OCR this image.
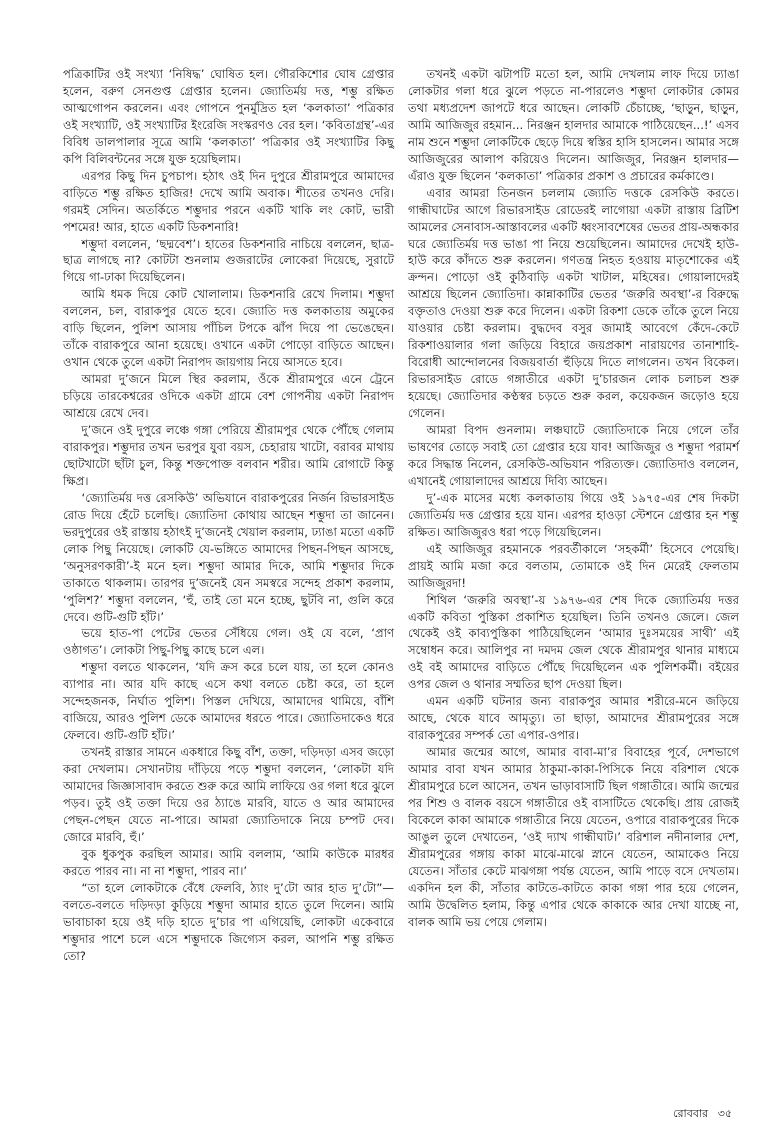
পত্রিকাটির ওই সংখ্যা ‘নিষিদ্ধ’ ঘোষিত হল। গৌরকিশোর ঘোষ গ্রেপ্তার হলেন, বরুণ সেনগুপ্ত গ্রেপ্তার হলেন। জ্যোতির্ময় দত্ত, শম্ভু রক্ষিত আত্মগোপন করলেন। এবং গোপনে পুনর্মুদ্রিত হল ‘কলকাতা’ পত্রিকার ওই সংখ্যাটি, ওই সংখ্যাটির ইংরেজি সংস্করণও বের হল। ‘কবিতাগ্রন্থ’-এর বিবিধ ডালপালার সূত্রে আমি ‘কলকাতা’ পত্রিকার ওই সংখ্যাটির কিছু কপি বিলিবন্টনের সঙ্গে যুক্ত হয়েছিলাম।

এরপর কিছু দিন চুপচাপ। হঠাৎ ওই দিন দুপুরে শ্রীরামপুরে আমাদের বাড়িতে শম্ভু রক্ষিত হাজির! দেখে আমি অবাক। শীতের তখনও দেরি। গরমই সেদিন। অতর্কিতে শম্ভুদার পরনে একটি খাকি লং কোট, ভারী পশমের! আর, হাতে একটি ডিকশনারি!

শম্ভুদা বললেন, ‘ছদ্মবেশ’। হাতের ডিকশনারি নাচিয়ে বললেন, ছাত্র-ছাত্র লাগছে না? কোটটা শুনলাম গুজরাটের লোকেরা দিয়েছে, সুরাটে গিয়ে গা-ঢাকা দিয়েছিলেন।

আমি ধমক দিয়ে কোট খোলালাম। ডিকশনারি রেখে দিলাম। শম্ভুদা বললেন, চল, বারাকপুর যেতে হবে। জ্যোতি দত্ত কলকাতায় অমুকের বাড়ি ছিলেন, পুলিশ আসায় পাঁচিল টপকে ঝাঁপ দিয়ে পা ভেঙেছেন। তাঁকে বারাকপুরে আনা হয়েছে। ওখানে একটা পোড়ো বাড়িতে আছেন। ওখান থেকে তুলে একটা নিরাপদ জায়গায় নিয়ে আসতে হবে।

আমরা দু’জনে মিলে স্থির করলাম, ওঁকে শ্রীরামপুরে এনে ট্রেনে চড়িয়ে তারকেশ্বরের ওদিকে একটা গ্রামে বেশ গোপনীয় একটা নিরাপদ আশ্রয়ে রেখে দেব।

দু’জনে ওই দুপুরে লঞ্চে গঙ্গা পেরিয়ে শ্রীরামপুর থেকে পৌঁছে গেলাম বারাকপুর। শম্ভুদার তখন ভরপুর যুবা বয়স, চেহারায় খাটো, বরাবর মাথায় ছোটখাটো ছাঁটা চুল, কিন্তু শক্তপোক্ত বলবান শরীর। আমি রোগাটে কিন্তু ক্ষিপ্র।

‘জ্যোতির্ময় দত্ত রেসকিউ’ অভিযানে বারাকপুরের নির্জন রিভারসাইড রোড দিয়ে হেঁটে চলেছি। জ্যোতিদা কোথায় আছেন শম্ভুদা তা জানেন। ভরদুপুরের ওই রাস্তায় হঠাৎই দু’জনেই খেয়াল করলাম, ঢ্যাঙা মতো একটি লোক পিছু নিয়েছে। লোকটি যে-ভঙ্গিতে আমাদের পিছন-পিছন আসছে, ‘অনুসরণকারী’-ই মনে হল। শম্ভুদা আমার দিকে, আমি শম্ভুদার দিকে তাকাতে থাকলাম। তারপর দু’জনেই যেন সমস্বরে সন্দেহ প্রকাশ করলাম, ‘পুলিশ?’ শম্ভুদা বললেন, ‘হুঁ, তাই তো মনে হচ্ছে, ছুটবি না, গুলি করে দেবে। গুটি-গুটি হাঁট।’

ভয়ে হাত-পা পেটের ভেতর সেঁধিয়ে গেল। ওই যে বলে, ‘প্রাণ ওষ্ঠাগত’। লোকটা পিছু-পিছু কাছে চলে এল।

শম্ভুদা বলতে থাকলেন, ‘যদি ক্রস করে চলে যায়, তা হলে কোনও ব্যাপার না। আর যদি কাছে এসে কথা বলতে চেষ্টা করে, তা হলে সন্দেহজনক, নির্ঘাত পুলিশ। পিস্তল দেখিয়ে, আমাদের থামিয়ে, বাঁশি বাজিয়ে, আরও পুলিশ ডেকে আমাদের ধরতে পারে। জ্যোতিদাকেও ধরে ফেলবে। গুটি-গুটি হাঁট।’

তখনই রাস্তার সামনে একধারে কিছু বাঁশ, তক্তা, দড়িদড়া এসব জড়ো করা দেখলাম। সেখানটায় দাঁড়িয়ে পড়ে শম্ভুদা বললেন, ‘লোকটা যদি আমাদের জিজ্ঞাসাবাদ করতে শুরু করে আমি লাফিয়ে ওর গলা ধরে ঝুলে পড়ব। তুই ওই তক্তা দিয়ে ওর ঠ্যাঙে মারবি, যাতে ও আর আমাদের পেছন-পেছন যেতে না-পারে। আমরা জ্যোতিদাকে নিয়ে চম্পট দেব। জোরে মারবি, হুঁ।’

বুক ধুকপুক করছিল আমার। আমি বললাম, ‘আমি কাউকে মারধর করতে পারব না। না না শম্ভুদা, পারব না।’

“তা হলে লোকটাকে বেঁধে ফেলবি, ঠ্যাং দু’টো আর হাত দু’টো”—বলতে-বলতে দড়িদড়া কুড়িয়ে শম্ভুদা আমার হাতে তুলে দিলেন। আমি ভাবাচাকা হয়ে ওই দড়ি হাতে দু’চার পা এগিয়েছি, লোকটা একেবারে শম্ভুদার পাশে চলে এসে শম্ভুদাকে জিগ্যেস করল, আপনি শম্ভু রক্ষিত তো?

তখনই একটা ঝটাপটি মতো হল, আমি দেখলাম লাফ দিয়ে ঢ্যাঙা লোকটার গলা ধরে ঝুলে পড়তে না-পারলেও শম্ভুদা লোকটার কোমর তথা মধ্যপ্রদেশ জাপটে ধরে আছেন। লোকটি চেঁচাচ্ছে, ‘ছাড়ুন, ছাড়ুন, আমি আজিজুর রহমান... নিরঞ্জন হালদার আমাকে পাঠিয়েছেন...!’ এসব নাম শুনে শম্ভুদা লোকটিকে ছেড়ে দিয়ে স্বস্তির হাসি হাসলেন। আমার সঙ্গে আজিজুরের আলাপ করিয়েও দিলেন। আজিজুর, নিরঞ্জন হালদার—এঁরাও যুক্ত ছিলেন ‘কলকাতা’ পত্রিকার প্রকাশ ও প্রচারের কর্মকাণ্ডে।

এবার আমরা তিনজন চললাম জ্যোতি দত্তকে রেসকিউ করতে। গান্ধীঘাটের আগে রিভারসাইড রোডেরই লাগোয়া একটা রাস্তায় ব্রিটিশ আমলের সেনাবাস-আস্তাবলের একটি ধ্বংসাবশেষের ভেতর প্রায়-অন্ধকার ঘরে জ্যোতির্ময় দত্ত ভাঙা পা নিয়ে শুয়েছিলেন। আমাদের দেখেই হাউ-হাউ করে কাঁদতে শুরু করলেন। গণতন্ত্র নিহত হওয়ায় মাতৃশোকের এই ক্রন্দন। পোড়ো ওই কুঠিবাড়ি একটা খাটাল, মহিষের। গোয়ালাদেরই আশ্রয়ে ছিলেন জ্যোতিদা। কান্নাকাটির ভেতর ‘জরুরি অবস্থা’-র বিরুদ্ধে বক্তৃতাও দেওয়া শুরু করে দিলেন। একটা রিকশা ডেকে তাঁকে তুলে নিয়ে যাওয়ার চেষ্টা করলাম। বুদ্ধদেব বসুর জামাই আবেগে কেঁদে-কেটে রিকশাওয়ালার গলা জড়িয়ে বিহারে জয়প্রকাশ নারায়ণের তানাশাহি-বিরোধী আন্দোলনের বিজয়বার্তা হুঁড়িয়ে দিতে লাগলেন। তখন বিকেল। রিভারসাইড রোডে গঙ্গাতীরে একটা দু’চারজন লোক চলাচল শুরু হয়েছে। জ্যোতিদার কণ্ঠস্বর চড়তে শুরু করল, কয়েকজন জড়োও হয়ে গেলেন।

আমরা বিপদ গুনলাম। লঞ্চঘাটে জ্যোতিদাকে নিয়ে গেলে তাঁর ভাষণের তোড়ে সবাই তো গ্রেপ্তার হয়ে যাব! আজিজুর ও শম্ভুদা পরামর্শ করে সিদ্ধান্ত নিলেন, রেসকিউ-অভিযান পরিত্যক্ত। জ্যোতিদাও বললেন, এখানেই গোয়ালাদের আশ্রয়ে দিব্যি আছেন।

দু’-এক মাসের মধ্যে কলকাতায় গিয়ে ওই ১৯৭৫-এর শেষ দিকটা জ্যোতির্ময় দত্ত গ্রেপ্তার হয়ে যান। এরপর হাওড়া স্টেশনে গ্রেপ্তার হন শম্ভু রক্ষিত। আজিজুরও ধরা পড়ে গিয়েছিলেন।

এই আজিজুর রহমানকে পরবর্তীকালে ‘সহকর্মী’ হিসেবে পেয়েছি। প্রায়ই আমি মজা করে বলতাম, তোমাকে ওই দিন মেরেই ফেলতাম আজিজুরদা!

শিথিল ‘জরুরি অবস্থা’-য় ১৯৭৬-এর শেষ দিকে জ্যোতির্ময় দত্তর একটি কবিতা পুস্তিকা প্রকাশিত হয়েছিল। তিনি তখনও জেলে। জেল থেকেই ওই কাব্যপুস্তিকা পাঠিয়েছিলেন ‘আমার দুঃসময়ের সাথী’ এই সম্বোধন করে। আলিপুর না দমদম জেল থেকে শ্রীরামপুর থানার মাধ্যমে ওই বই আমাদের বাড়িতে পৌঁছে দিয়েছিলেন এক পুলিশকর্মী। বইয়ের ওপর জেল ও থানার সম্মতির ছাপ দেওয়া ছিল।

এমন একটি ঘটনার জন্য বারাকপুর আমার শরীরে-মনে জড়িয়ে আছে, থেকে যাবে আমৃত্যু। তা ছাড়া, আমাদের শ্রীরামপুরের সঙ্গে বারাকপুরের সম্পর্ক তো এপার-ওপার।

আমার জন্মের আগে, আমার বাবা-মা’র বিবাহের পূর্বে, দেশভাগে আমার বাবা যখন আমার ঠাকুমা-কাকা-পিসিকে নিয়ে বরিশাল থেকে শ্রীরামপুরে চলে আসেন, তখন ভাড়াবাসাটি ছিল গঙ্গাতীরে। আমি জন্মের পর শিশু ও বালক বয়সে গঙ্গাতীরে ওই বাসাটিতে থেকেছি। প্রায় রোজই বিকেলে কাকা আমাকে গঙ্গাতীরে নিয়ে যেতেন, ওপারে বারাকপুরের দিকে আঙুল তুলে দেখাতেন, ‘ওই দ্যাখ গান্ধীঘাট।’ বরিশাল নদীনালার দেশ, শ্রীরামপুরের গঙ্গায় কাকা মাঝে-মাঝে স্নানে যেতেন, আমাকেও নিয়ে যেতেন। সাঁতার কেটে মাঝগঙ্গা পর্যন্ত যেতেন, আমি পাড়ে বসে দেখতাম। একদিন হল কী, সাঁতার কাটতে-কাটতে কাকা গঙ্গা পার হয়ে গেলেন, আমি উদ্বেলিত হলাম, কিন্তু এপার থেকে কাকাকে আর দেখা যাচ্ছে না, বালক আমি ভয় পেয়ে গেলাম।

রোববার ৩৫
